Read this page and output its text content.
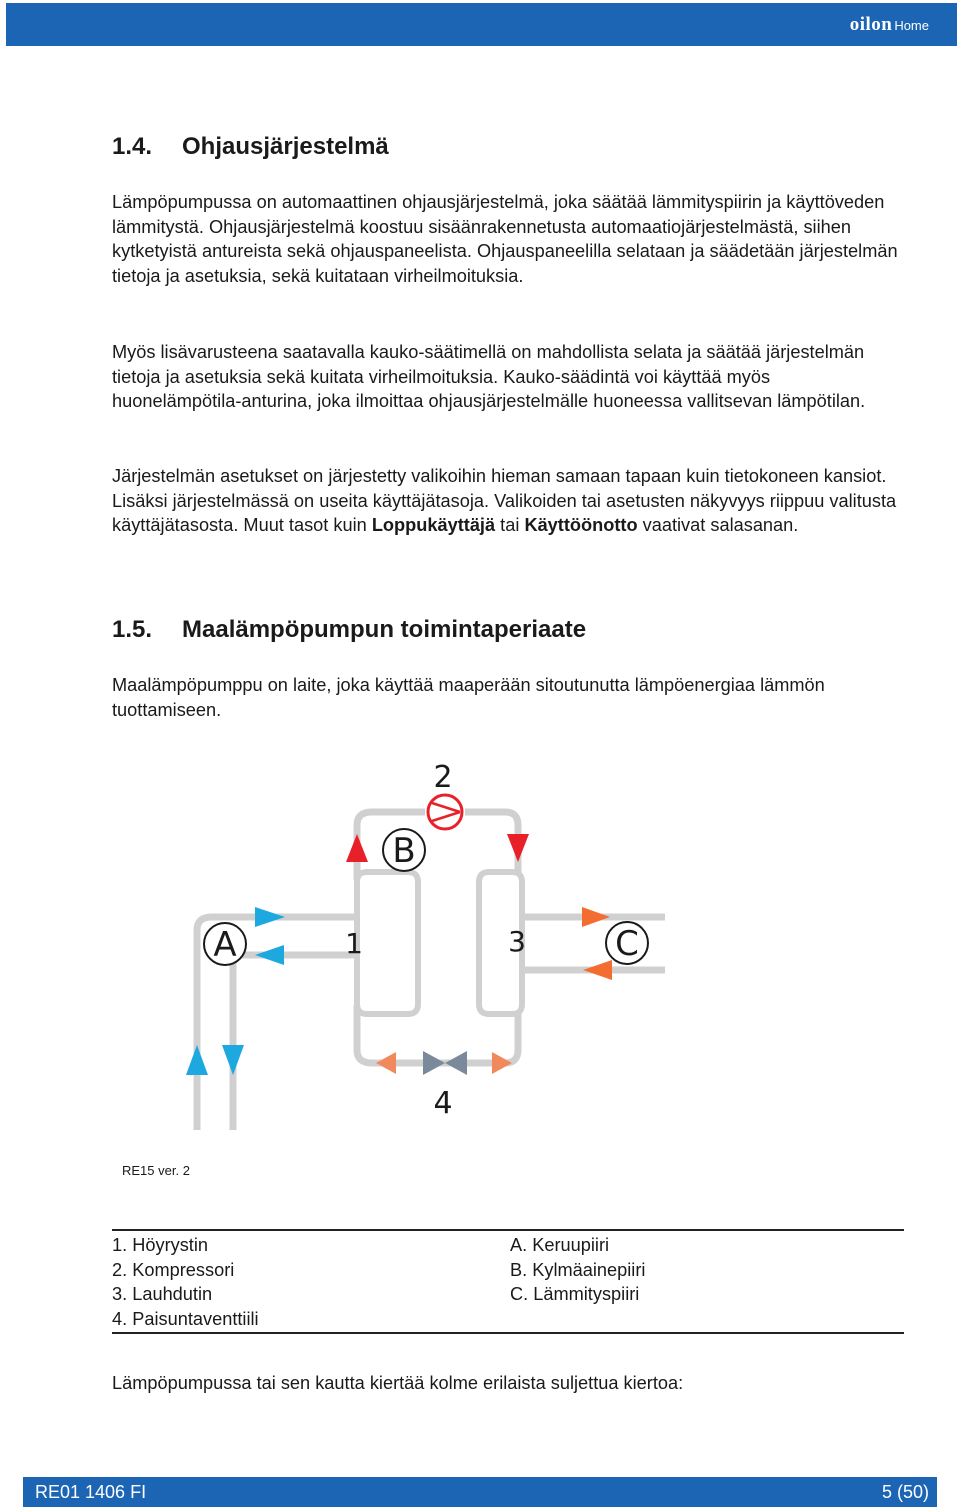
oilon Home
1.4. Ohjausjärjestelmä

Lämpöpumpussa on automaattinen ohjausjärjestelmä, joka säätää lämmityspiirin ja käyttöveden lämmitystä. Ohjausjärjestelmä koostuu sisäänrakennetusta automaatiojärjestelmästä, siihen kytketyistä antureista sekä ohjauspaneelista. Ohjauspaneelilla selataan ja säädetään järjestelmän tietoja ja asetuksia, sekä kuitataan virheilmoituksia.

Myös lisävarusteena saatavalla kauko-säätimellä on mahdollista selata ja säätää järjestelmän tietoja ja asetuksia sekä kuitata virheilmoituksia. Kauko-säädintä voi käyttää myös huonelämpötila-anturina, joka ilmoittaa ohjausjärjestelmälle huoneessa vallitsevan lämpötilan.

Järjestelmän asetukset on järjestetty valikoihin hieman samaan tapaan kuin tietokoneen kansiot. Lisäksi järjestelmässä on useita käyttäjätasoja. Valikoiden tai asetusten näkyvyys riippuu valitusta käyttäjätasosta. Muut tasot kuin Loppukäyttäjä tai Käyttöönotto vaativat salasanan.

1.5. Maalämpöpumpun toimintaperiaate

Maalämpöpumppu on laite, joka käyttää maaperään sitoutunutta lämpöenergiaa lämmön tuottamiseen.

A
B
C
2
1	3
4
RE15 ver. 2
1. Höyrystin	A. Keruupiiri
2. Kompressori	B. Kylmäainepiiri
3. Lauhdutin	C. Lämmityspiiri
4. Paisuntaventtiili

Lämpöpumpussa tai sen kautta kiertää kolme erilaista suljettua kiertoa:

RE01 1406 FI	5 (50)
